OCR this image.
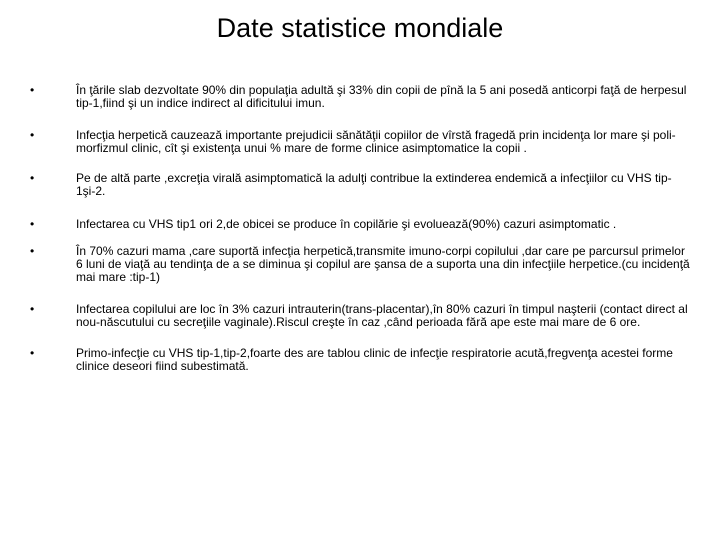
Date statistice mondiale
•	În ţările slab dezvoltate 90% din populaţia adultă şi 33% din copii de pînă la 5 ani posedă anticorpi faţă de herpesul tip-1,fiind şi un indice indirect al dificitului imun.
•	Infecţia herpetică cauzează importante prejudicii sănătăţii copiilor de vîrstă fragedă prin incidenţa lor mare şi poli-morfizmul clinic, cît şi existenţa unui % mare de forme clinice asimptomatice la copii .
•	Pe de altă parte ,excreţia virală asimptomatică la adulţi contribue la extinderea endemică a infecţiilor cu VHS tip-1şi-2.
•	Infectarea cu VHS tip1 ori 2,de obicei se produce în copilărie şi evoluează(90%) cazuri asimptomatic .
•	În 70% cazuri mama ,care suportă infecţia herpetică,transmite imuno-corpi copilului ,dar care pe parcursul primelor 6 luni de viaţă au tendinţa de a se diminua şi copilul are şansa de a suporta una din infecţiile herpetice.(cu incidenţă mai mare :tip-1)
•	Infectarea copilului are loc în 3% cazuri intrauterin(trans-placentar),în 80% cazuri în timpul naşterii (contact direct al nou-născutului cu secreţiile vaginale).Riscul creşte în caz ,când perioada fără ape este mai mare de 6 ore.
•	Primo-infecţie cu VHS tip-1,tip-2,foarte des are tablou clinic de infecţie respiratorie acută,fregvenţa acestei forme clinice deseori fiind subestimată.
